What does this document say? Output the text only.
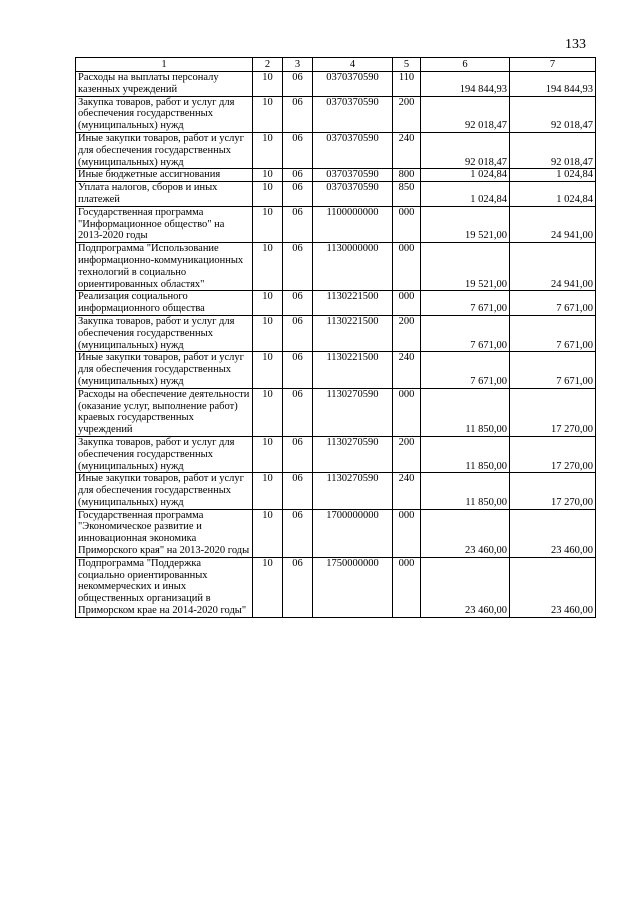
133
1	2	3	4	5	6	7
Расходы на выплаты персоналу казенных учреждений	10	06	0370370590	110	194 844,93	194 844,93
Закупка товаров, работ и услуг для обеспечения государственных (муниципальных) нужд	10	06	0370370590	200	92 018,47	92 018,47
Иные закупки товаров, работ и услуг для обеспечения государственных (муниципальных) нужд	10	06	0370370590	240	92 018,47	92 018,47
Иные бюджетные ассигнования	10	06	0370370590	800	1 024,84	1 024,84
Уплата налогов, сборов и иных платежей	10	06	0370370590	850	1 024,84	1 024,84
Государственная программа "Информационное общество" на 2013-2020 годы	10	06	1100000000	000	19 521,00	24 941,00
Подпрограмма "Использование информационно-коммуникационных технологий в социально ориентированных областях"	10	06	1130000000	000	19 521,00	24 941,00
Реализация социального информационного общества	10	06	1130221500	000	7 671,00	7 671,00
Закупка товаров, работ и услуг для обеспечения государственных (муниципальных) нужд	10	06	1130221500	200	7 671,00	7 671,00
Иные закупки товаров, работ и услуг для обеспечения государственных (муниципальных) нужд	10	06	1130221500	240	7 671,00	7 671,00
Расходы на обеспечение деятельности (оказание услуг, выполнение работ) краевых государственных учреждений	10	06	1130270590	000	11 850,00	17 270,00
Закупка товаров, работ и услуг для обеспечения государственных (муниципальных) нужд	10	06	1130270590	200	11 850,00	17 270,00
Иные закупки товаров, работ и услуг для обеспечения государственных (муниципальных) нужд	10	06	1130270590	240	11 850,00	17 270,00
Государственная программа "Экономическое развитие и инновационная экономика Приморского края" на 2013-2020 годы	10	06	1700000000	000	23 460,00	23 460,00
Подпрограмма "Поддержка социально ориентированных некоммерческих и иных общественных организаций в Приморском крае на 2014-2020 годы"	10	06	1750000000	000	23 460,00	23 460,00
